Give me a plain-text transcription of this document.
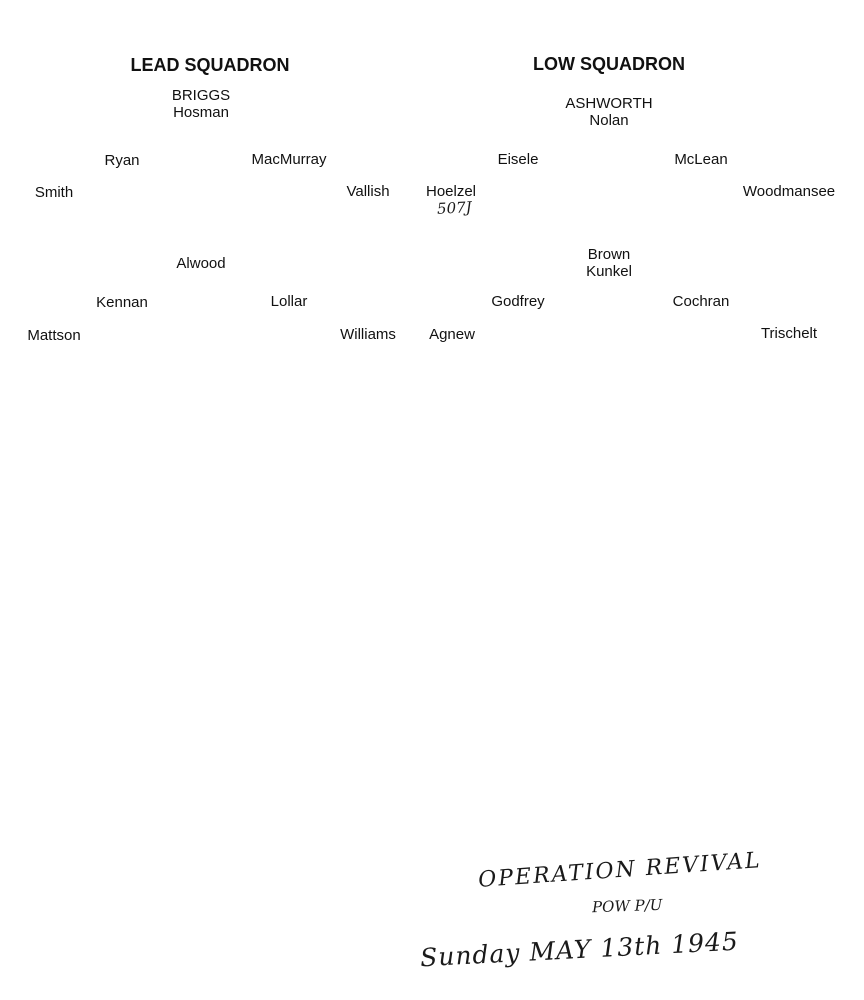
LEAD SQUADRON
BRIGGS
Hosman
Ryan	MacMurray
Smith	Vallish
Alwood
Kennan	Lollar
Mattson	Williams
LOW SQUADRON
ASHWORTH
Nolan
Eisele	McLean
Hoelzel	Woodmansee
Brown
Kunkel
Godfrey	Cochran
Agnew	Trischelt
507J
OPERATION REVIVAL
POW P/U
Sunday MAY 13th 1945
